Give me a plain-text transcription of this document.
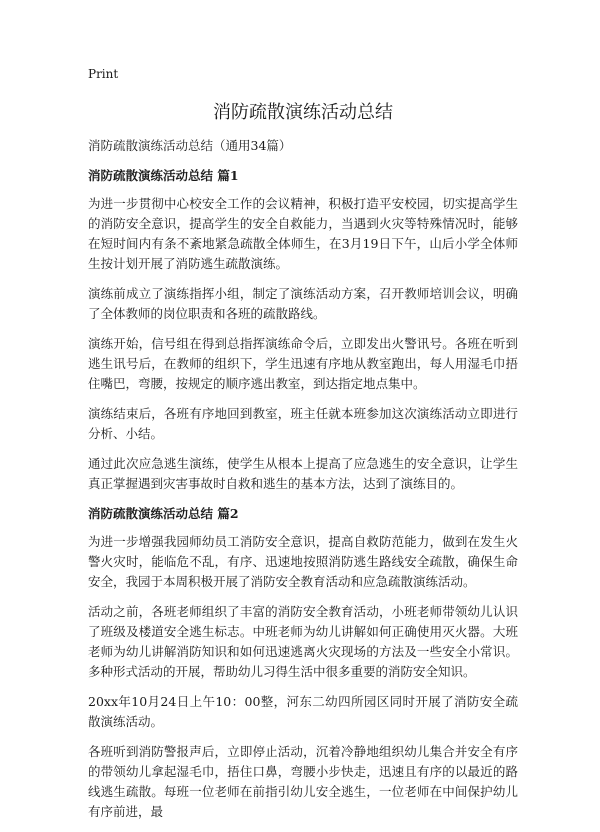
Print
消防疏散演练活动总结
消防疏散演练活动总结（通用34篇）
消防疏散演练活动总结 篇1

为进一步贯彻中心校安全工作的会议精神，积极打造平安校园，切实提高学生的消防安全意识，提高学生的安全自救能力，当遇到火灾等特殊情况时，能够在短时间内有条不紊地紧急疏散全体师生，在3月19日下午，山后小学全体师生按计划开展了消防逃生疏散演练。

演练前成立了演练指挥小组，制定了演练活动方案，召开教师培训会议，明确了全体教师的岗位职责和各班的疏散路线。

演练开始，信号组在得到总指挥演练命令后，立即发出火警讯号。各班在听到逃生讯号后，在教师的组织下，学生迅速有序地从教室跑出，每人用湿毛巾捂住嘴巴，弯腰，按规定的顺序逃出教室，到达指定地点集中。

演练结束后，各班有序地回到教室，班主任就本班参加这次演练活动立即进行分析、小结。

通过此次应急逃生演练，使学生从根本上提高了应急逃生的安全意识，让学生真正掌握遇到灾害事故时自救和逃生的基本方法，达到了演练目的。

消防疏散演练活动总结 篇2

为进一步增强我园师幼员工消防安全意识，提高自救防范能力，做到在发生火警火灾时，能临危不乱，有序、迅速地按照消防逃生路线安全疏散，确保生命安全，我园于本周积极开展了消防安全教育活动和应急疏散演练活动。

活动之前，各班老师组织了丰富的消防安全教育活动，小班老师带领幼儿认识了班级及楼道安全逃生标志。中班老师为幼儿讲解如何正确使用灭火器。大班老师为幼儿讲解消防知识和如何迅速逃离火灾现场的方法及一些安全小常识。多种形式活动的开展，帮助幼儿习得生活中很多重要的消防安全知识。

20xx年10月24日上午10：00整，河东二幼四所园区同时开展了消防安全疏散演练活动。

各班听到消防警报声后，立即停止活动，沉着冷静地组织幼儿集合并安全有序的带领幼儿拿起湿毛巾，捂住口鼻，弯腰小步快走，迅速且有序的以最近的路线逃生疏散。每班一位老师在前指引幼儿安全逃生，一位老师在中间保护幼儿有序前进，最
